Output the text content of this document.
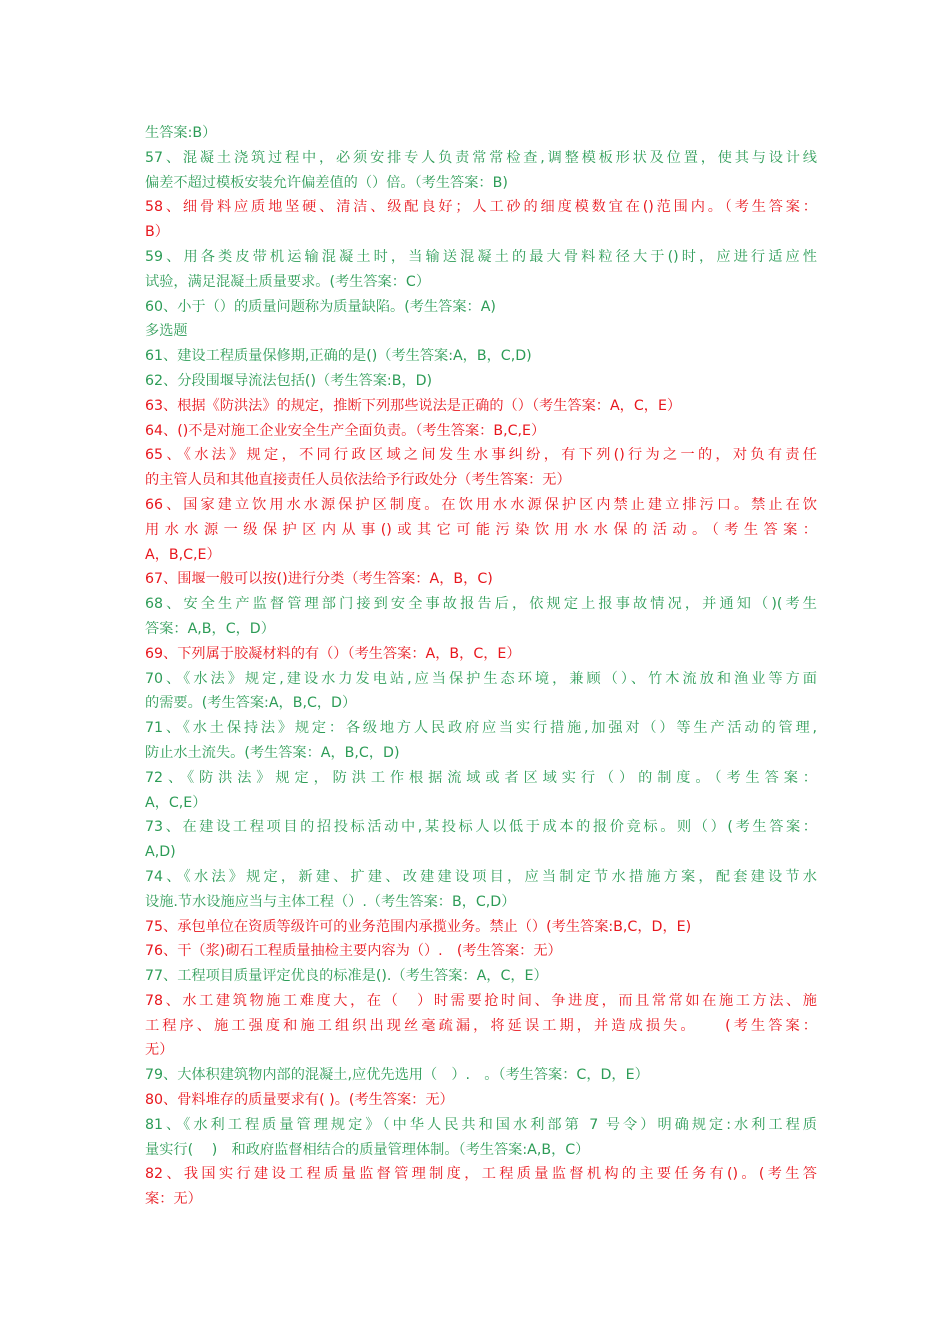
生答案:B）
57、混凝土浇筑过程中，必须安排专人负责常常检查,调整模板形状及位置，使其与设计线
偏差不超过模板安装允许偏差值的（）倍。（考生答案：B)
58、细骨料应质地坚硬、清洁、级配良好；人工砂的细度模数宜在()范围内。（考生答案：
B）
59、用各类皮带机运输混凝土时，当输送混凝土的最大骨料粒径大于()时，应进行适应性
试验，满足混凝土质量要求。(考生答案：C）
60、小于（）的质量问题称为质量缺陷。(考生答案：A)
多选题
61、建设工程质量保修期,正确的是()（考生答案:A，B，C,D)
62、分段围堰导流法包括()（考生答案:B，D)
63、根据《防洪法》的规定，推断下列那些说法是正确的（）（考生答案：A，C，E）
64、()不是对施工企业安全生产全面负责。（考生答案：B,C,E）
65、《水法》规定，不同行政区域之间发生水事纠纷，有下列()行为之一的，对负有责任
的主管人员和其他直接责任人员依法给予行政处分（考生答案：无）
66、国家建立饮用水水源保护区制度。在饮用水水源保护区内禁止建立排污口。禁止在饮
用水水源一级保护区内从事()或其它可能污染饮用水水保的活动。（考生答案：
A，B,C,E）
67、围堰一般可以按()进行分类（考生答案：A，B，C)
68、安全生产监督管理部门接到安全事故报告后，依规定上报事故情况，并通知（)(考生
答案：A,B，C，D）
69、下列属于胶凝材料的有（）（考生答案：A，B，C，E）
70、《水法》规定,建设水力发电站,应当保护生态环境，兼顾（）、竹木流放和渔业等方面
的需要。(考生答案:A，B,C，D）
71、《水土保持法》规定：各级地方人民政府应当实行措施,加强对（）等生产活动的管理,
防止水土流失。(考生答案：A，B,C，D)
72、《防洪法》规定，防洪工作根据流域或者区域实行（）的制度。（考生答案：
A，C,E）
73、在建设工程项目的招投标活动中,某投标人以低于成本的报价竞标。则（）(考生答案：
A,D)
74、《水法》规定，新建、扩建、改建建设项目，应当制定节水措施方案，配套建设节水
设施.节水设施应当与主体工程（）.（考生答案：B，C,D）
75、承包单位在资质等级许可的业务范围内承揽业务。禁止（）(考生答案:B,C，D，E)
76、干（浆)砌石工程质量抽检主要内容为（）.　(考生答案：无）
77、工程项目质量评定优良的标准是().（考生答案：A，C，E）
78、水工建筑物施工难度大，在（　）时需要抢时间、争进度，而且常常如在施工方法、施
工程序、施工强度和施工组织出现丝毫疏漏，将延误工期，并造成损失。　　(考生答案：
无）
79、大体积建筑物内部的混凝土,应优先选用（　）.　。（考生答案：C，D，E）
80、骨料堆存的质量要求有( )。(考生答案：无）
81、《水利工程质量管理规定》（中华人民共和国水利部第 7 号令）明确规定:水利工程质
量实行(　 )　和政府监督相结合的质量管理体制。（考生答案:A,B，C）
82、我国实行建设工程质量监督管理制度，工程质量监督机构的主要任务有()。(考生答
案：无）
